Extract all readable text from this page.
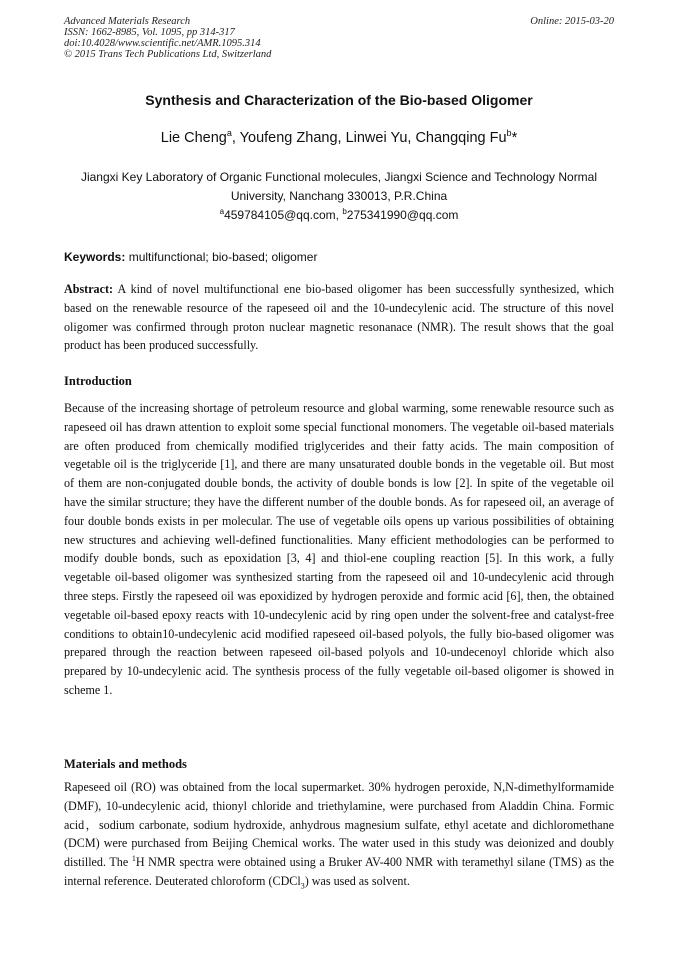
Advanced Materials Research
ISSN: 1662-8985, Vol. 1095, pp 314-317
doi:10.4028/www.scientific.net/AMR.1095.314
© 2015 Trans Tech Publications Ltd, Switzerland
Online: 2015-03-20
Synthesis and Characterization of the Bio-based Oligomer
Lie Cheng$^a$, Youfeng Zhang, Linwei Yu, Changqing Fu$^b$*
Jiangxi Key Laboratory of Organic Functional molecules, Jiangxi Science and Technology Normal University, Nanchang 330013, P.R.China
$^a$459784105@qq.com, $^b$275341990@qq.com
Keywords: multifunctional; bio-based; oligomer

Abstract: A kind of novel multifunctional ene bio-based oligomer has been successfully synthesized, which based on the renewable resource of the rapeseed oil and the 10-undecylenic acid. The structure of this novel oligomer was confirmed through proton nuclear magnetic resonanace (NMR). The result shows that the goal product has been produced successfully.

Introduction

Because of the increasing shortage of petroleum resource and global warming, some renewable resource such as rapeseed oil has drawn attention to exploit some special functional monomers. The vegetable oil-based materials are often produced from chemically modified triglycerides and their fatty acids. The main composition of vegetable oil is the triglyceride [1], and there are many unsaturated double bonds in the vegetable oil. But most of them are non-conjugated double bonds, the activity of double bonds is low [2]. In spite of the vegetable oil have the similar structure; they have the different number of the double bonds. As for rapeseed oil, an average of four double bonds exists in per molecular. The use of vegetable oils opens up various possibilities of obtaining new structures and achieving well-defined functionalities. Many efficient methodologies can be performed to modify double bonds, such as epoxidation [3, 4] and thiol-ene coupling reaction [5]. In this work, a fully vegetable oil-based oligomer was synthesized starting from the rapeseed oil and 10-undecylenic acid through three steps. Firstly the rapeseed oil was epoxidized by hydrogen peroxide and formic acid [6], then, the obtained vegetable oil-based epoxy reacts with 10-undecylenic acid by ring open under the solvent-free and catalyst-free conditions to obtain10-undecylenic acid modified rapeseed oil-based polyols, the fully bio-based oligomer was prepared through the reaction between rapeseed oil-based polyols and 10-undecenoyl chloride which also prepared by 10-undecylenic acid. The synthesis process of the fully vegetable oil-based oligomer is showed in scheme 1.

Materials and methods

Rapeseed oil (RO) was obtained from the local supermarket. 30% hydrogen peroxide, N,N-dimethylformamide (DMF), 10-undecylenic acid, thionyl chloride and triethylamine, were purchased from Aladdin China. Formic acid，sodium carbonate, sodium hydroxide, anhydrous magnesium sulfate, ethyl acetate and dichloromethane (DCM) were purchased from Beijing Chemical works. The water used in this study was deionized and doubly distilled. The $^1$H NMR spectra were obtained using a Bruker AV-400 NMR with teramethyl silane (TMS) as the internal reference. Deuterated chloroform (CDCl$_3$) was used as solvent.
